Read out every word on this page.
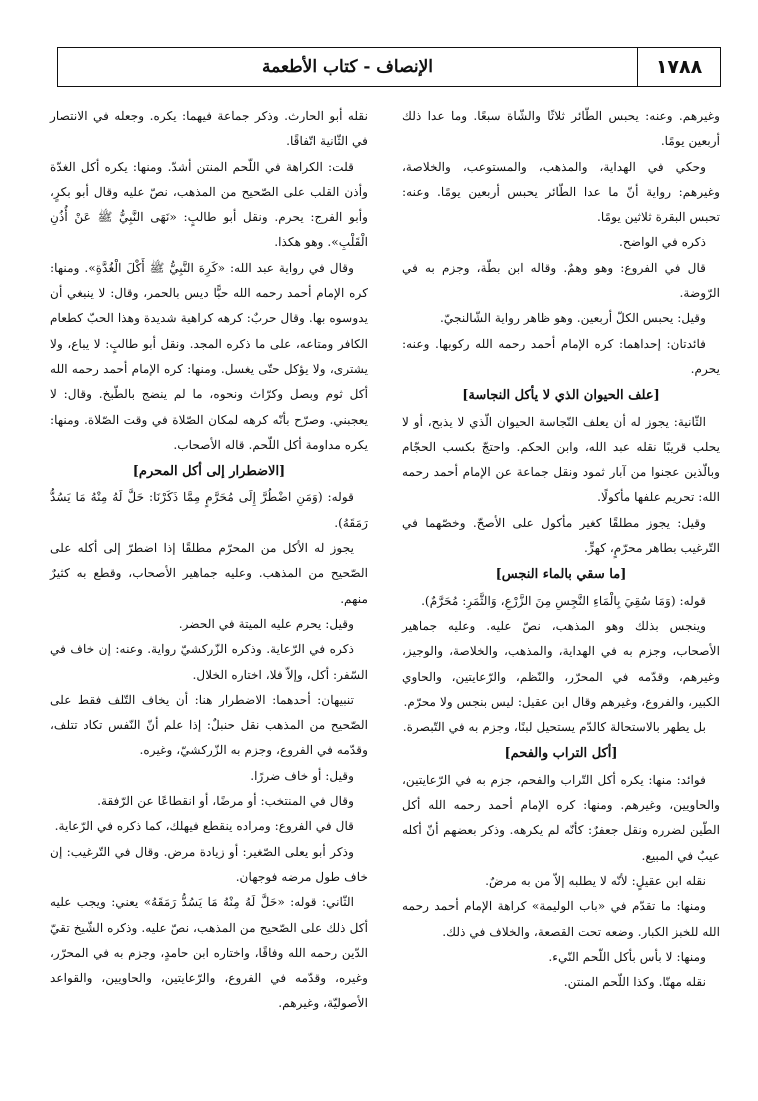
١٧٨٨
الإنصاف - كتاب الأطعمة

وغيرهم. وعنه: يحبس الطّائر ثلاثًا والشّاة سبعًا. وما عدا ذلك أربعين يومًا.

وحكي في الهداية، والمذهب، والمستوعب، والخلاصة، وغيرهم: رواية أنّ ما عدا الطّائر يحبس أربعين يومًا. وعنه: تحبس البقرة ثلاثين يومًا.

ذكره في الواضح.

قال في الفروع: وهو وهمٌ. وقاله ابن بطّة، وجزم به في الرّوضة.

وقيل: يحبس الكلّ أربعين. وهو ظاهر رواية الشّالنجيّ.

فائدتان: إحداهما: كره الإمام أحمد رحمه الله ركوبها. وعنه: يحرم.

[علف الحيوان الذي لا يأكل النجاسة]

الثّانية: يجوز له أن يعلف النّجاسة الحيوان الّذي لا يذبح، أو لا يحلب قريبًا نقله عبد الله، وابن الحكم. واحتجّ بكسب الحجّام وبالّذين عجنوا من آبار ثمود ونقل جماعة عن الإمام أحمد رحمه الله: تحريم علفها مأكولًا.

وقيل: يجوز مطلقًا كغير مأكول على الأصحّ. وخصّهما في التّرغيب بطاهر محرّمٍ، كهرٍّ.

[ما سقي بالماء النجس]

قوله: (وَمَا سُقِيَ بِالْمَاءِ النَّجِسِ مِنَ الزَّرْعِ، وَالثَّمَرِ: مُحَرَّمٌ).

وينجس بذلك وهو المذهب، نصّ عليه. وعليه جماهير الأصحاب، وجزم به في الهداية، والمذهب، والخلاصة، والوجيز، وغيرهم، وقدّمه في المحرّر، والنّظم، والرّعايتين، والحاوي الكبير، والفروع، وغيرهم وقال ابن عقيل: ليس بنجس ولا محرّم.

بل يطهر بالاستحالة كالدّم يستحيل لبنًا، وجزم به في التّبصرة.

[أكل التراب والفحم]

فوائد: منها: يكره أكل التّراب والفحم، جزم به في الرّعايتين، والحاويين، وغيرهم. ومنها: كره الإمام أحمد رحمه الله أكل الطّين لضرره ونقل جعفرٌ: كأنّه لم يكرهه. وذكر بعضهم أنّ أكله عيبٌ في المبيع.

نقله ابن عقيلٍ: لأنّه لا يطلبه إلاّ من به مرضٌ.

ومنها: ما تقدّم في «باب الوليمة» كراهة الإمام أحمد رحمه الله للخبز الكبار. وضعه تحت القصعة، والخلاف في ذلك.

ومنها: لا بأس بأكل اللّحم النّيء.

نقله مهنّا. وكذا اللّحم المنتن.

نقله أبو الحارث. وذكر جماعة فيهما: يكره. وجعله في الانتصار في الثّانية اتّفاقًا.

قلت: الكراهة في اللّحم المنتن أشدّ. ومنها: يكره أكل الغدّة وأذن القلب على الصّحيح من المذهب، نصّ عليه وقال أبو بكرٍ، وأبو الفرج: يحرم. ونقل أبو طالبٍ: «نَهَى النَّبِيُّ ﷺ عَنْ أُذُنِ الْقَلْبِ». وهو هكذا.

وقال في رواية عبد الله: «كَرِهَ النَّبِيُّ ﷺ أَكْلَ الْغُدَّةِ». ومنها: كره الإمام أحمد رحمه الله حبًّا ديس بالحمر، وقال: لا ينبغي أن يدوسوه بها. وقال حربٌ: كرهه كراهية شديدة وهذا الحبّ كطعام الكافر ومتاعه، على ما ذكره المجد. ونقل أبو طالبٍ: لا يباع، ولا يشترى، ولا يؤكل حتّى يغسل. ومنها: كره الإمام أحمد رحمه الله أكل ثوم وبصل وكرّاث ونحوه، ما لم ينضج بالطّبخ. وقال: لا يعجبني. وصرّح بأنّه كرهه لمكان الصّلاة في وقت الصّلاة. ومنها: يكره مداومة أكل اللّحم. قاله الأصحاب.

[الاضطرار إلى أكل المحرم]

قوله: (وَمَنِ اضْطُرَّ إِلَى مُحَرَّمٍ مِمَّا ذَكَرْنَا: حَلَّ لَهُ مِنْهُ مَا يَسُدُّ رَمَقَهُ).

يجوز له الأكل من المحرّم مطلقًا إذا اضطرّ إلى أكله على الصّحيح من المذهب. وعليه جماهير الأصحاب، وقطع به كثيرٌ منهم.

وقيل: يحرم عليه الميتة في الحضر.

ذكره في الرّعاية. وذكره الزّركشيّ رواية. وعنه: إن خاف في السّفر: أكل، وإلاّ فلا، اختاره الخلال.

تنبيهان: أحدهما: الاضطرار هنا: أن يخاف التّلف فقط على الصّحيح من المذهب نقل حنبلٌ: إذا علم أنّ النّفس تكاد تتلف، وقدّمه في الفروع، وجزم به الزّركشيّ، وغيره.

وقيل: أو خاف ضررًا.

وقال في المنتخب: أو مرضًا، أو انقطاعًا عن الرّفقة.

قال في الفروع: ومراده ينقطع فيهلك، كما ذكره في الرّعاية.

وذكر أبو يعلى الصّغير: أو زيادة مرض. وقال في التّرغيب: إن خاف طول مرضه فوجهان.

الثّاني: قوله: «حَلَّ لَهُ مِنْهُ مَا يَسُدُّ رَمَقَهُ» يعني: ويجب عليه أكل ذلك على الصّحيح من المذهب، نصّ عليه. وذكره الشّيخ تقيّ الدّين رحمه الله وفاقًا، واختاره ابن حامدٍ، وجزم به في المحرّر، وغيره، وقدّمه في الفروع، والرّعايتين، والحاويين، والقواعد الأصوليّة، وغيرهم.
